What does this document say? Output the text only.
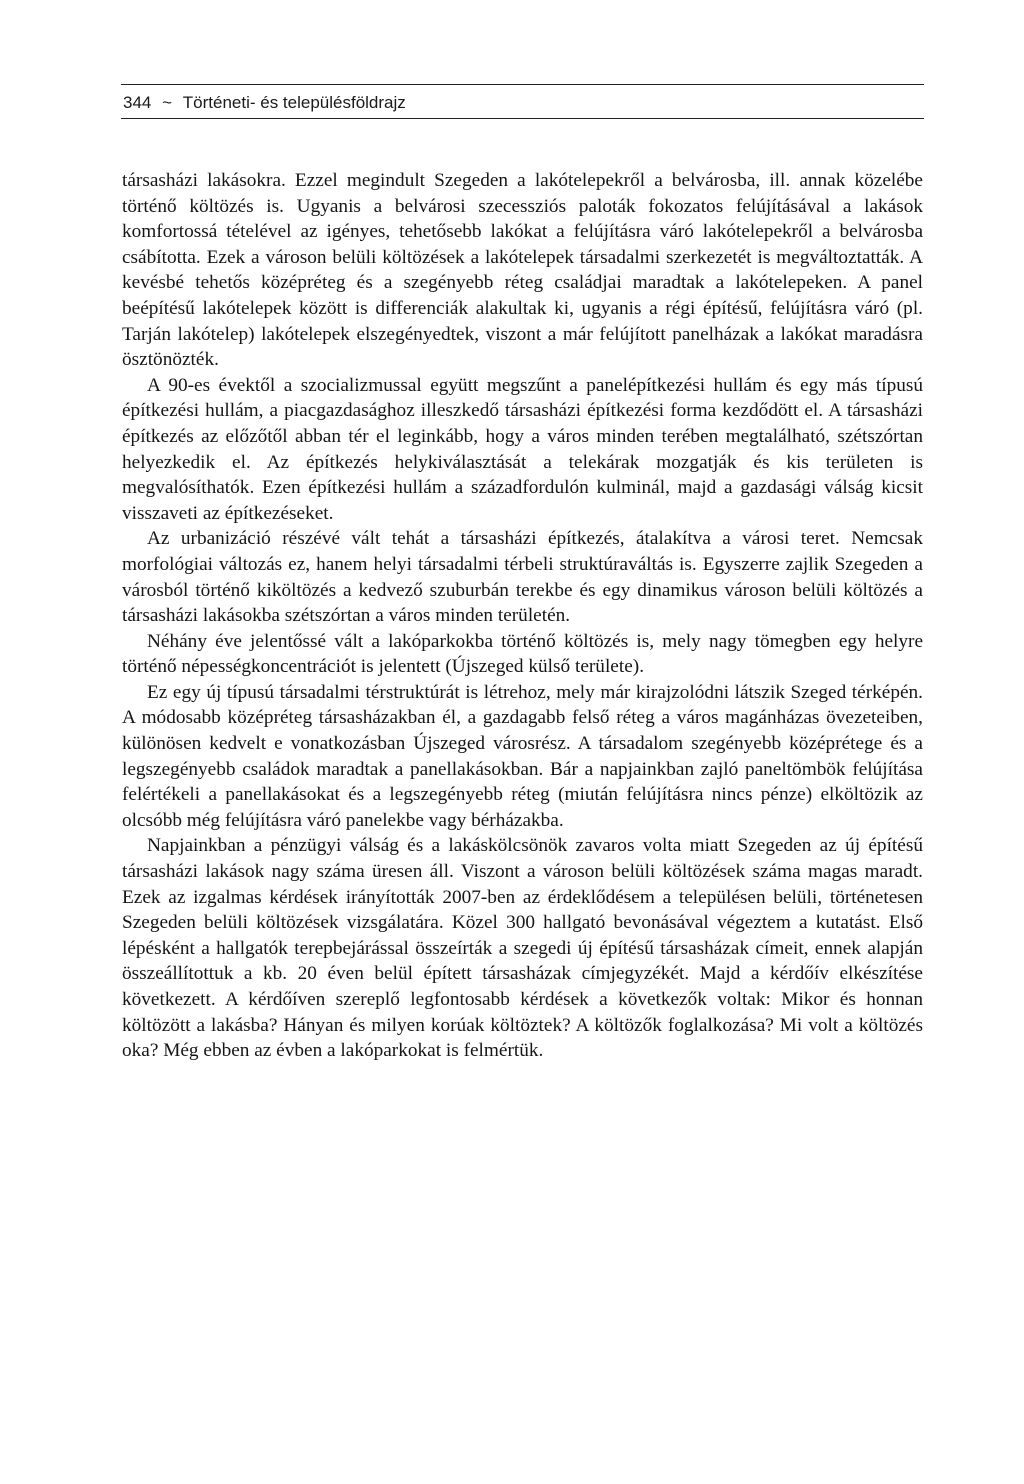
344 ~ Történeti- és településföldrajz

társasházi lakásokra. Ezzel megindult Szegeden a lakótelepekről a belvárosba, ill. annak közelébe történő költözés is. Ugyanis a belvárosi szecessziós paloták fokozatos felújításával a lakások komfortossá tételével az igényes, tehetősebb lakókat a felújításra váró lakótelepekről a belvárosba csábította. Ezek a városon belüli költözések a lakótelepek társadalmi szerkezetét is megváltoztatták. A kevésbé tehetős középréteg és a szegényebb réteg családjai maradtak a lakótelepeken. A panel beépítésű lakótelepek között is differenciák alakultak ki, ugyanis a régi építésű, felújításra váró (pl. Tarján lakótelep) lakótelepek elszegényedtek, viszont a már felújított panelházak a lakókat maradásra ösztönözték.

A 90-es évektől a szocializmussal együtt megszűnt a panelépítkezési hullám és egy más típusú építkezési hullám, a piacgazdasághoz illeszkedő társasházi építkezési forma kezdődött el. A társasházi építkezés az előzőtől abban tér el leginkább, hogy a város minden terében megtalálható, szétszórtan helyezkedik el. Az építkezés helykiválasztását a telekárak mozgatják és kis területen is megvalósíthatók. Ezen építkezési hullám a századfordulón kulminál, majd a gazdasági válság kicsit visszaveti az építkezéseket.

Az urbanizáció részévé vált tehát a társasházi építkezés, átalakítva a városi teret. Nemcsak morfológiai változás ez, hanem helyi társadalmi térbeli struktúraváltás is. Egyszerre zajlik Szegeden a városból történő kiköltözés a kedvező szuburbán terekbe és egy dinamikus városon belüli költözés a társasházi lakásokba szétszórtan a város minden területén.

Néhány éve jelentőssé vált a lakóparkokba történő költözés is, mely nagy tömegben egy helyre történő népességkoncentrációt is jelentett (Újszeged külső területe).

Ez egy új típusú társadalmi térstruktúrát is létrehoz, mely már kirajzolódni látszik Szeged térképén. A módosabb középréteg társasházakban él, a gazdagabb felső réteg a város magánházas övezeteiben, különösen kedvelt e vonatkozásban Újszeged városrész. A társadalom szegényebb középrétege és a legszegényebb családok maradtak a panellakásokban. Bár a napjainkban zajló paneltömbök felújítása felértékeli a panellakásokat és a legszegényebb réteg (miután felújításra nincs pénze) elköltözik az olcsóbb még felújításra váró panelekbe vagy bérházakba.

Napjainkban a pénzügyi válság és a lakáskölcsönök zavaros volta miatt Szegeden az új építésű társasházi lakások nagy száma üresen áll. Viszont a városon belüli költözések száma magas maradt. Ezek az izgalmas kérdések irányították 2007-ben az érdeklődésem a településen belüli, történetesen Szegeden belüli költözések vizsgálatára. Közel 300 hallgató bevonásával végeztem a kutatást. Első lépésként a hallgatók terepbejárással összeírták a szegedi új építésű társasházak címeit, ennek alapján összeállítottuk a kb. 20 éven belül épített társasházak címjegyzékét. Majd a kérdőív elkészítése következett. A kérdőíven szereplő legfontosabb kérdések a következők voltak: Mikor és honnan költözött a lakásba? Hányan és milyen korúak költöztek? A költözők foglalkozása? Mi volt a költözés oka? Még ebben az évben a lakóparkokat is felmértük.
